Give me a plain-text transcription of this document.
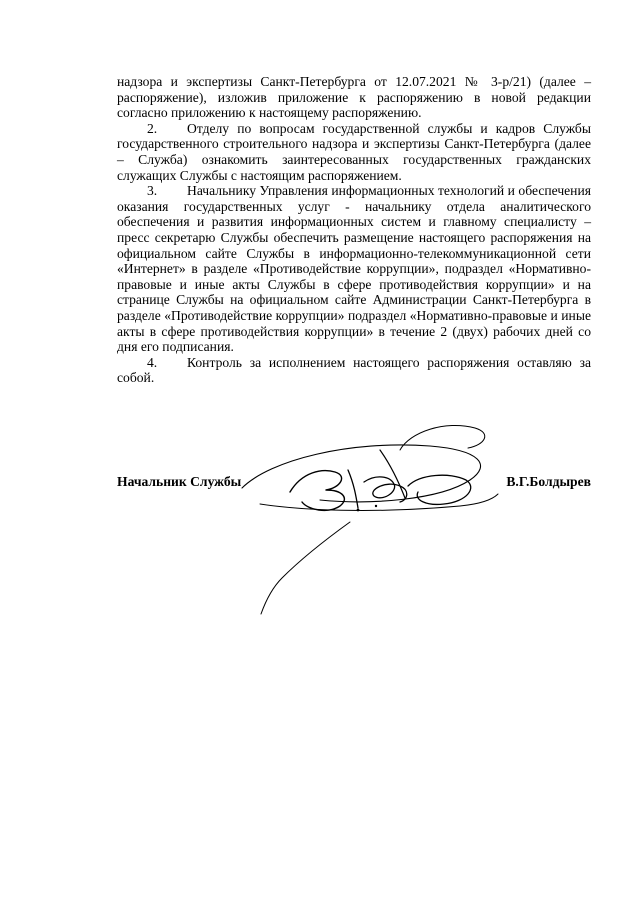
надзора и экспертизы Санкт-Петербурга от 12.07.2021 № 3-р/21) (далее – распоряжение), изложив приложение к распоряжению в новой редакции согласно приложению к настоящему распоряжению.

2. Отделу по вопросам государственной службы и кадров Службы государственного строительного надзора и экспертизы Санкт-Петербурга (далее – Служба) ознакомить заинтересованных государственных гражданских служащих Службы с настоящим распоряжением.

3. Начальнику Управления информационных технологий и обеспечения оказания государственных услуг - начальнику отдела аналитического обеспечения и развития информационных систем и главному специалисту – пресс секретарю Службы обеспечить размещение настоящего распоряжения на официальном сайте Службы в информационно-телекоммуникационной сети «Интернет» в разделе «Противодействие коррупции», подраздел «Нормативно-правовые и иные акты Службы в сфере противодействия коррупции» и на странице Службы на официальном сайте Администрации Санкт-Петербурга в разделе «Противодействие коррупции» подраздел «Нормативно-правовые и иные акты в сфере противодействия коррупции» в течение 2 (двух) рабочих дней со дня его подписания.

4. Контроль за исполнением настоящего распоряжения оставляю за собой.

Начальник Службы	В.Г.Болдырев
